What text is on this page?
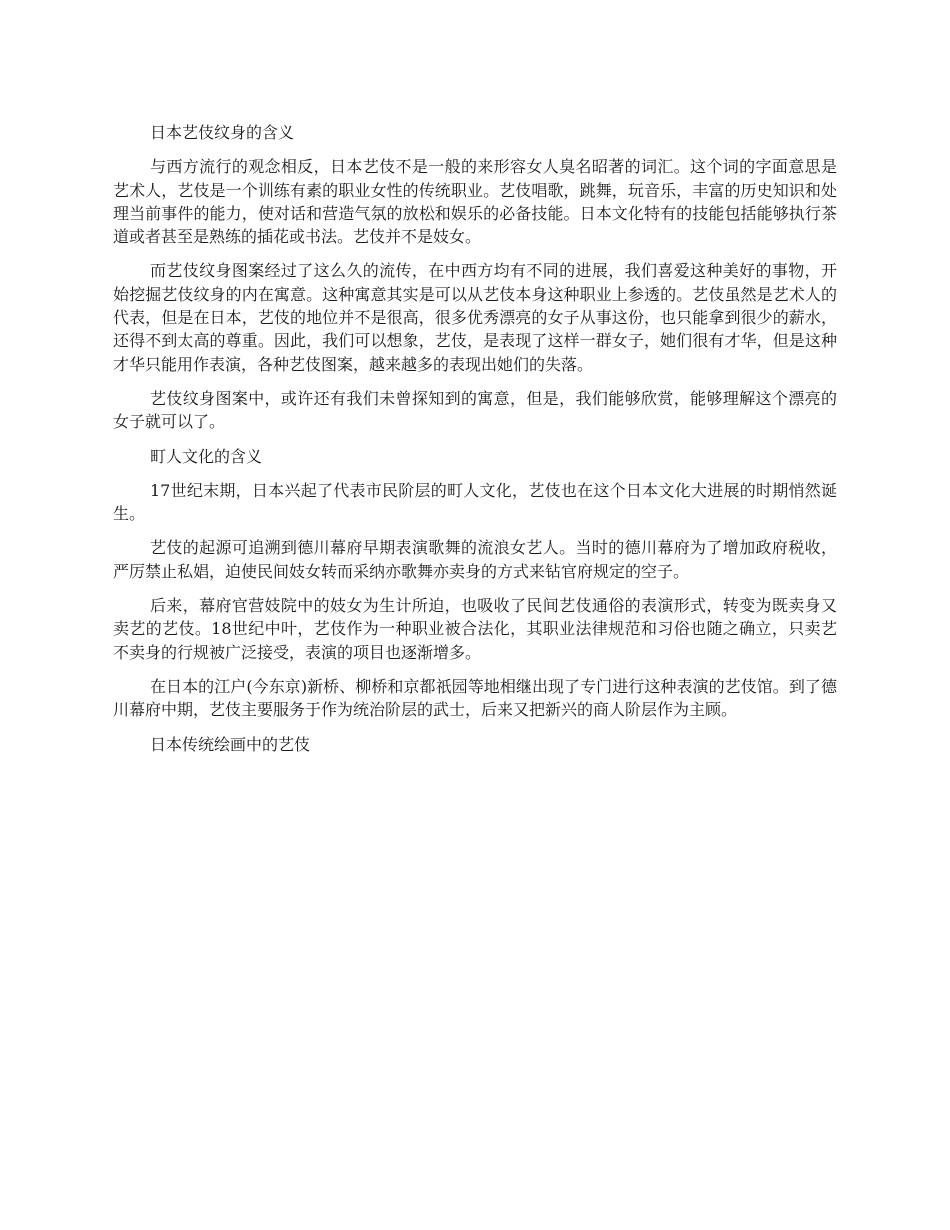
日本艺伎纹身的含义

与西方流行的观念相反，日本艺伎不是一般的来形容女人臭名昭著的词汇。这个词的字面意思是艺术人，艺伎是一个训练有素的职业女性的传统职业。艺伎唱歌，跳舞，玩音乐，丰富的历史知识和处理当前事件的能力，使对话和营造气氛的放松和娱乐的必备技能。日本文化特有的技能包括能够执行茶道或者甚至是熟练的插花或书法。艺伎并不是妓女。

而艺伎纹身图案经过了这么久的流传，在中西方均有不同的进展，我们喜爱这种美好的事物，开始挖掘艺伎纹身的内在寓意。这种寓意其实是可以从艺伎本身这种职业上参透的。艺伎虽然是艺术人的代表，但是在日本，艺伎的地位并不是很高，很多优秀漂亮的女子从事这份，也只能拿到很少的薪水，还得不到太高的尊重。因此，我们可以想象，艺伎，是表现了这样一群女子，她们很有才华，但是这种才华只能用作表演，各种艺伎图案，越来越多的表现出她们的失落。

艺伎纹身图案中，或许还有我们未曾探知到的寓意，但是，我们能够欣赏，能够理解这个漂亮的女子就可以了。

町人文化的含义

17世纪末期，日本兴起了代表市民阶层的町人文化，艺伎也在这个日本文化大进展的时期悄然诞生。

艺伎的起源可追溯到德川幕府早期表演歌舞的流浪女艺人。当时的德川幕府为了增加政府税收，严厉禁止私娼，迫使民间妓女转而采纳亦歌舞亦卖身的方式来钻官府规定的空子。

后来，幕府官营妓院中的妓女为生计所迫，也吸收了民间艺伎通俗的表演形式，转变为既卖身又卖艺的艺伎。18世纪中叶，艺伎作为一种职业被合法化，其职业法律规范和习俗也随之确立，只卖艺不卖身的行规被广泛接受，表演的项目也逐渐增多。

在日本的江户(今东京)新桥、柳桥和京都祇园等地相继出现了专门进行这种表演的艺伎馆。到了德川幕府中期，艺伎主要服务于作为统治阶层的武士，后来又把新兴的商人阶层作为主顾。

日本传统绘画中的艺伎
